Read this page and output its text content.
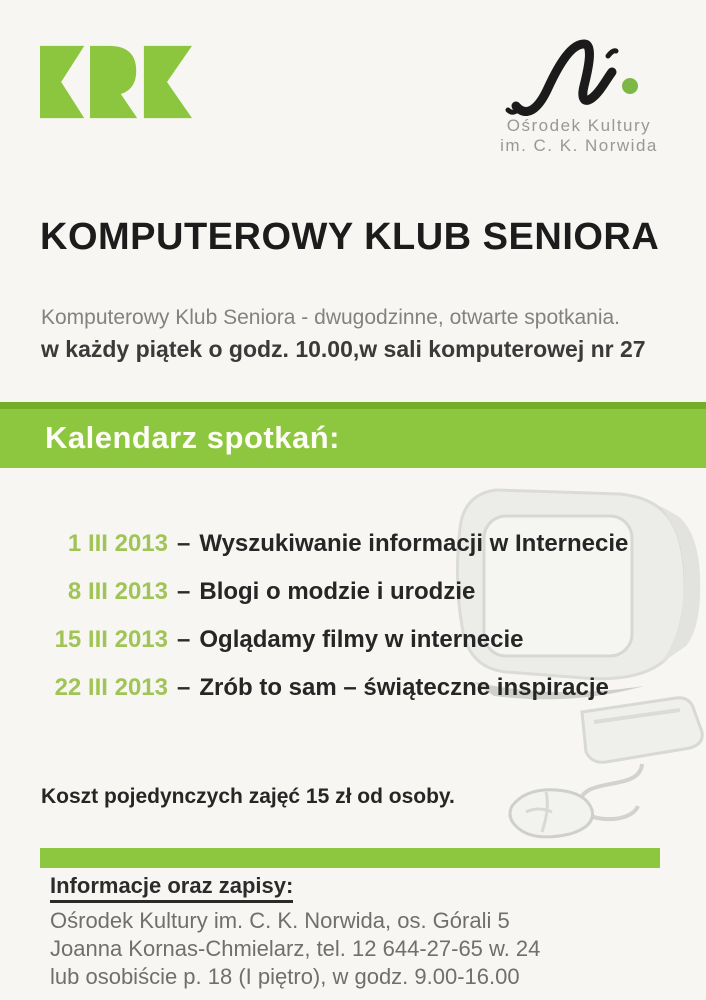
Ośrodek Kultury
im. C. K. Norwida
KOMPUTEROWY KLUB SENIORA
Komputerowy Klub Seniora - dwugodzinne, otwarte spotkania.
w każdy piątek o godz. 10.00,w sali komputerowej nr 27
Kalendarz spotkań:
1 III 2013 – Wyszukiwanie informacji w Internecie
8 III 2013 – Blogi o modzie i urodzie
15 III 2013 – Oglądamy filmy w internecie
22 III 2013 – Zrób to sam – świąteczne inspiracje
Koszt pojedynczych zajęć 15 zł od osoby.
Informacje oraz zapisy:
Ośrodek Kultury im. C. K. Norwida, os. Górali 5
Joanna Kornas-Chmielarz, tel. 12 644-27-65 w. 24
lub osobiście p. 18 (I piętro), w godz. 9.00-16.00
